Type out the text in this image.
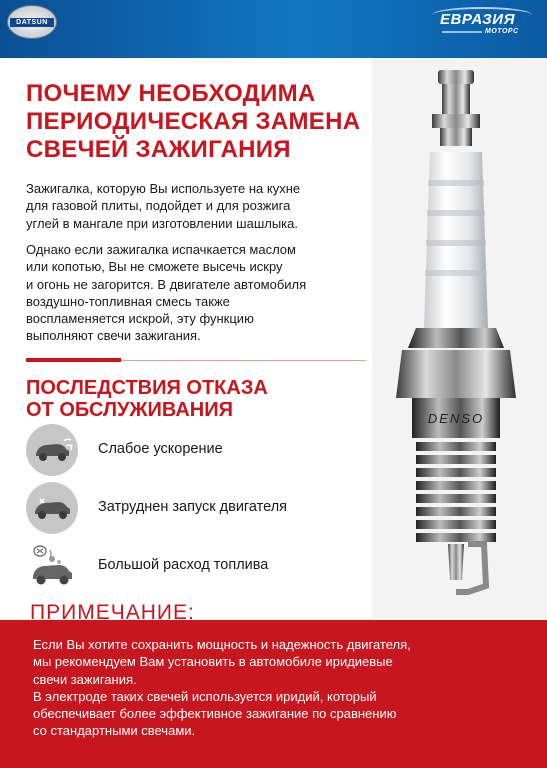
DATSUN	ЕВРАЗИЯ
МОТОРС
ПОЧЕМУ НЕОБХОДИМА
ПЕРИОДИЧЕСКАЯ ЗАМЕНА
СВЕЧЕЙ ЗАЖИГАНИЯ
Зажигалка, которую Вы используете на кухне
для газовой плиты, подойдет и для розжига
углей в мангале при изготовлении шашлыка.
Однако если зажигалка испачкается маслом
или копотью, Вы не сможете высечь искру
и огонь не загорится. В двигателе автомобиля
воздушно-топливная смесь также
воспламеняется искрой, эту функцию
выполняют свечи зажигания.
ПОСЛЕДСТВИЯ ОТКАЗА
ОТ ОБСЛУЖИВАНИЯ
Слабое ускорение
Затруднен запуск двигателя
Большой расход топлива
DENSO
ПРИМЕЧАНИЕ:
Если Вы хотите сохранить мощность и надежность двигателя,
мы рекомендуем Вам установить в автомобиле иридиевые
свечи зажигания.
В электроде таких свечей используется иридий, который
обеспечивает более эффективное зажигание по сравнению
со стандартными свечами.
